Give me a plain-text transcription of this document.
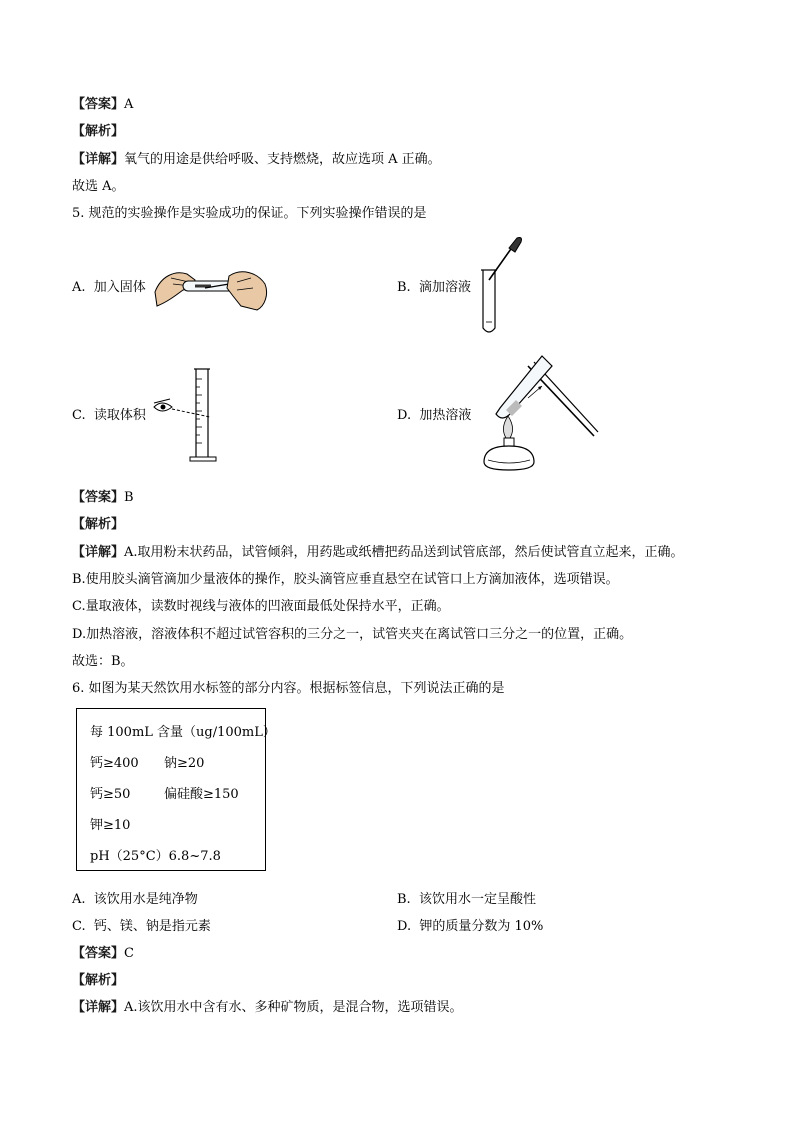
【答案】A
【解析】
【详解】氧气的用途是供给呼吸、支持燃烧，故应选项 A 正确。
故选 A。
5. 规范的实验操作是实验成功的保证。下列实验操作错误的是
A. 加入固体	B. 滴加溶液
C. 读取体积	D. 加热溶液
【答案】B
【解析】
【详解】A.取用粉末状药品，试管倾斜，用药匙或纸槽把药品送到试管底部，然后使试管直立起来，正确。
B.使用胶头滴管滴加少量液体的操作，胶头滴管应垂直悬空在试管口上方滴加液体，选项错误。
C.量取液体，读数时视线与液体的凹液面最低处保持水平，正确。
D.加热溶液，溶液体积不超过试管容积的三分之一，试管夹夹在离试管口三分之一的位置，正确。
故选：B。
6. 如图为某天然饮用水标签的部分内容。根据标签信息，下列说法正确的是
每 100mL 含量（ug/100mL）
钙≥400 钠≥20
钙≥50	偏硅酸≥150
钾≥10
pH（25°C）6.8~7.8
A. 该饮用水是纯净物	B. 该饮用水一定呈酸性
C. 钙、镁、钠是指元素	D. 钾的质量分数为 10%
【答案】C
【解析】
【详解】A.该饮用水中含有水、多种矿物质，是混合物，选项错误。
